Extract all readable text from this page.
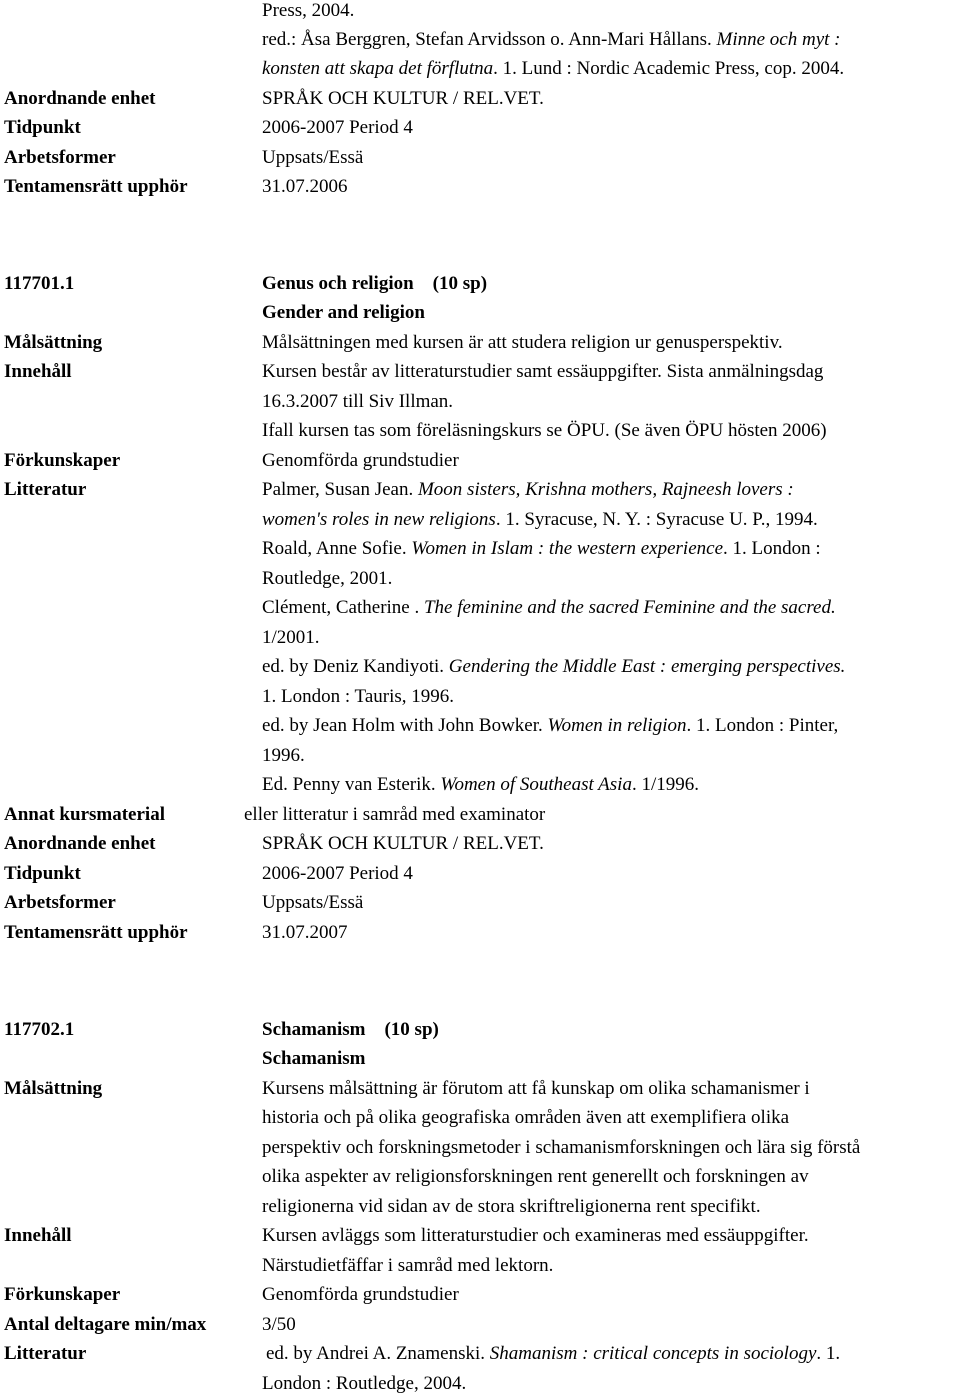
Press, 2004.
red.: Åsa Berggren, Stefan Arvidsson o. Ann-Mari Hållans. Minne och myt :
konsten att skapa det förflutna. 1. Lund : Nordic Academic Press, cop. 2004.
Anordnande enhet	SPRÅK OCH KULTUR / REL.VET.
Tidpunkt	2006-2007 Period 4
Arbetsformer	Uppsats/Essä
Tentamensrätt upphör	31.07.2006
117701.1	Genus och religion (10 sp)
Gender and religion
Målsättning	Målsättningen med kursen är att studera religion ur genusperspektiv.
Innehåll	Kursen består av litteraturstudier samt essäuppgifter. Sista anmälningsdag
16.3.2007 till Siv Illman.
Ifall kursen tas som föreläsningskurs se ÖPU. (Se även ÖPU hösten 2006)
Förkunskaper	Genomförda grundstudier
Litteratur	Palmer, Susan Jean. Moon sisters, Krishna mothers, Rajneesh lovers :
women's roles in new religions. 1. Syracuse, N. Y. : Syracuse U. P., 1994.
Roald, Anne Sofie. Women in Islam : the western experience. 1. London :
Routledge, 2001.
Clément, Catherine . The feminine and the sacred Feminine and the sacred.
1/2001.
ed. by Deniz Kandiyoti. Gendering the Middle East : emerging perspectives.
1. London : Tauris, 1996.
ed. by Jean Holm with John Bowker. Women in religion. 1. London : Pinter,
1996.
Ed. Penny van Esterik. Women of Southeast Asia. 1/1996.
Annat kursmaterial	eller litteratur i samråd med examinator
Anordnande enhet	SPRÅK OCH KULTUR / REL.VET.
Tidpunkt	2006-2007 Period 4
Arbetsformer	Uppsats/Essä
Tentamensrätt upphör	31.07.2007
117702.1	Schamanism (10 sp)
Schamanism
Målsättning	Kursens målsättning är förutom att få kunskap om olika schamanismer i
historia och på olika geografiska områden även att exemplifiera olika
perspektiv och forskningsmetoder i schamanismforskningen och lära sig förstå
olika aspekter av religionsforskningen rent generellt och forskningen av
religionerna vid sidan av de stora skriftreligionerna rent specifikt.
Innehåll	Kursen avläggs som litteraturstudier och examineras med essäuppgifter.
Närstudietfäffar i samråd med lektorn.
Förkunskaper	Genomförda grundstudier
Antal deltagare min/max	3/50
Litteratur	ed. by Andrei A. Znamenski. Shamanism : critical concepts in sociology. 1.
London : Routledge, 2004.
